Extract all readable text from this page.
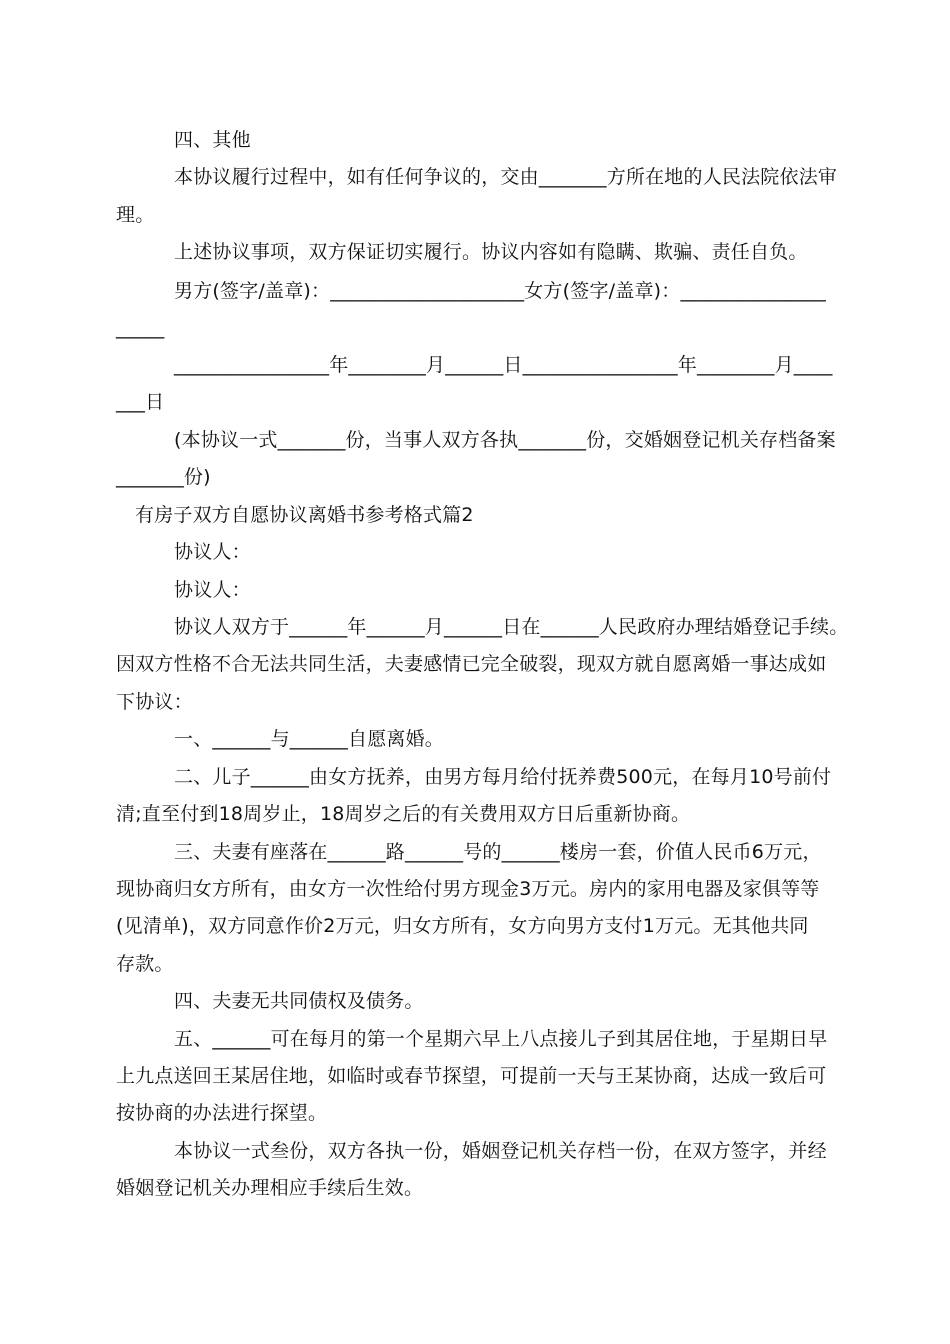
四、其他
本协议履行过程中，如有任何争议的，交由_______方所在地的人民法院依法审
理。
上述协议事项，双方保证切实履行。协议内容如有隐瞒、欺骗、责任自负。
男方(签字/盖章)：____________________女方(签字/盖章)：_______________
_____
________________年________月______日________________年________月____
___日
(本协议一式_______份，当事人双方各执_______份，交婚姻登记机关存档备案
_______份)
有房子双方自愿协议离婚书参考格式篇2
协议人：
协议人：
协议人双方于______年______月______日在______人民政府办理结婚登记手续。
因双方性格不合无法共同生活，夫妻感情已完全破裂，现双方就自愿离婚一事达成如
下协议：
一、______与______自愿离婚。
二、儿子______由女方抚养，由男方每月给付抚养费500元，在每月10号前付
清;直至付到18周岁止，18周岁之后的有关费用双方日后重新协商。
三、夫妻有座落在______路______号的______楼房一套，价值人民币6万元，
现协商归女方所有，由女方一次性给付男方现金3万元。房内的家用电器及家俱等等
(见清单)，双方同意作价2万元，归女方所有，女方向男方支付1万元。无其他共同
存款。
四、夫妻无共同债权及债务。
五、______可在每月的第一个星期六早上八点接儿子到其居住地，于星期日早
上九点送回王某居住地，如临时或春节探望，可提前一天与王某协商，达成一致后可
按协商的办法进行探望。
本协议一式叁份，双方各执一份，婚姻登记机关存档一份，在双方签字，并经
婚姻登记机关办理相应手续后生效。
